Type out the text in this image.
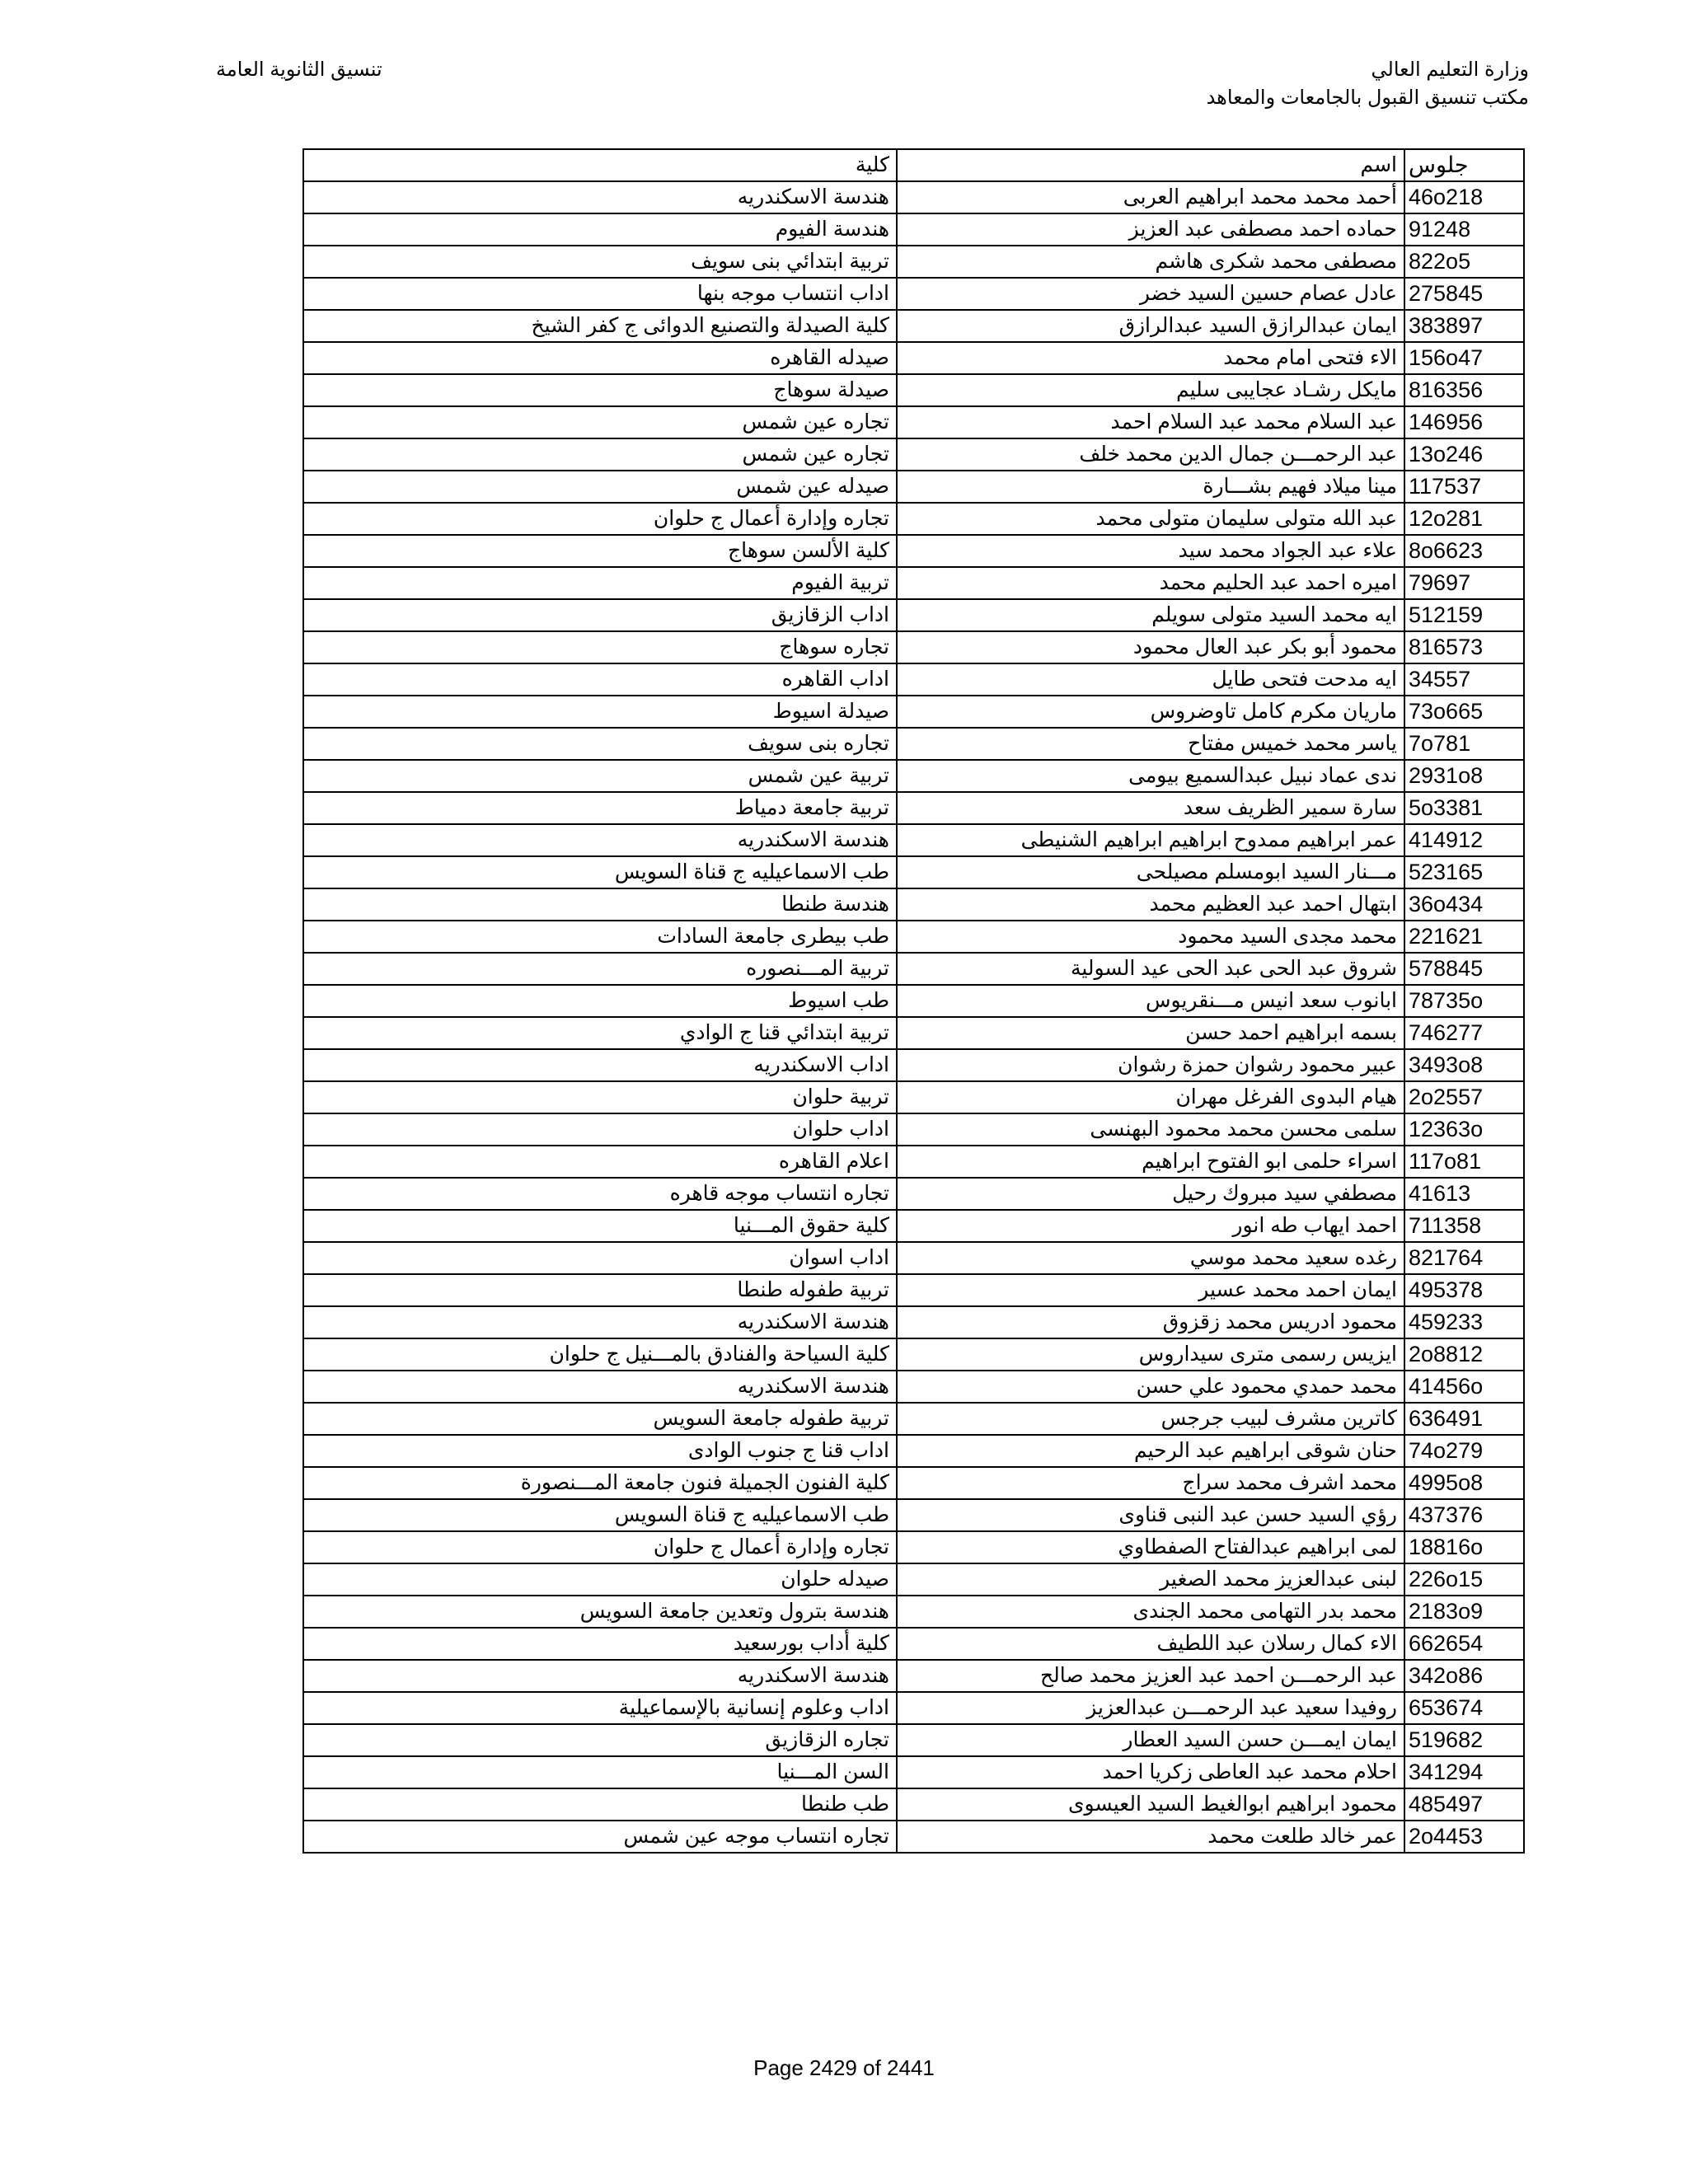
وزارة التعليم العالي
مكتب تنسيق القبول بالجامعات والمعاهد
تنسيق الثانوية العامة
كلية	اسم	جلوس
هندسة الاسكندريه	أحمد محمد محمد ابراهيم العربى	46o218
هندسة الفيوم	حماده احمد مصطفى عبد العزيز	91248
تربية ابتدائي بنى سويف	مصطفى محمد شكرى هاشم	822o5
اداب انتساب موجه بنها	عادل عصام حسين السيد خضر	275845
كلية الصيدلة والتصنيع الدوائى ج كفر الشيخ	ايمان عبدالرازق السيد عبدالرازق	383897
صيدله القاهره	الاء فتحى امام محمد	156o47
صيدلة سوهاج	مايكل رشـاد عجايبى سليم	816356
تجاره عين شمس	عبد السلام محمد عبد السلام احمد	146956
تجاره عين شمس	عبد الرحمـــن جمال الدين محمد خلف	13o246
صيدله عين شمس	مينا ميلاد فهيم بشـــارة	117537
تجاره وإدارة أعمال ج حلوان	عبد الله متولى سليمان متولى محمد	12o281
كلية الألسن سوهاج	علاء عبد الجواد محمد سيد	8o6623
تربية الفيوم	اميره احمد عبد الحليم محمد	79697
اداب الزقازيق	ايه محمد السيد متولى سويلم	512159
تجاره سوهاج	محمود أبو بكر عبد العال محمود	816573
اداب القاهره	ايه مدحت فتحى طايل	34557
صيدلة اسيوط	ماريان مكرم كامل تاوضروس	73o665
تجاره بنى سويف	ياسر محمد خميس مفتاح	7o781
تربية عين شمس	ندى عماد نبيل عبدالسميع بيومى	2931o8
تربية جامعة دمياط	سارة سمير الظريف سعد	5o3381
هندسة الاسكندريه	عمر ابراهيم ممدوح ابراهيم ابراهيم الشنيطى	414912
طب الاسماعيليه ج قناة السويس	مـــنار السيد ابومسلم مصيلحى	523165
هندسة طنطا	ابتهال احمد عبد العظيم محمد	36o434
طب بيطرى جامعة السادات	محمد مجدى السيد محمود	221621
تربية المـــنصوره	شروق عبد الحى عبد الحى عيد السولية	578845
طب اسيوط	ابانوب سعد انيس مـــنقريوس	78735o
تربية ابتدائي قنا ج الوادي	بسمه ابراهيم احمد حسن	746277
اداب الاسكندريه	عبير محمود رشوان حمزة رشوان	3493o8
تربية حلوان	هيام البدوى الفرغل مهران	2o2557
اداب حلوان	سلمى محسن محمد محمود البهنسى	12363o
اعلام القاهره	اسراء حلمى ابو الفتوح ابراهيم	117o81
تجاره انتساب موجه قاهره	مصطفي سيد مبروك رحيل	41613
كلية حقوق المـــنيا	احمد ايهاب طه انور	711358
اداب اسوان	رغده سعيد محمد موسي	821764
تربية طفوله طنطا	ايمان احمد محمد عسير	495378
هندسة الاسكندريه	محمود ادريس محمد زقزوق	459233
كلية السياحة والفنادق بالمـــنيل ج حلوان	ايزيس رسمى مترى سيداروس	2o8812
هندسة الاسكندريه	محمد حمدي محمود علي حسن	41456o
تربية طفوله جامعة السويس	كاترين مشرف لبيب جرجس	636491
اداب قنا ج جنوب الوادى	حنان شوقى ابراهيم عبد الرحيم	74o279
كلية الفنون الجميلة فنون جامعة المـــنصورة	محمد اشرف محمد سراج	4995o8
طب الاسماعيليه ج قناة السويس	رؤي السيد حسن عبد النبى قناوى	437376
تجاره وإدارة أعمال ج حلوان	لمى ابراهيم عبدالفتاح الصفطاوي	18816o
صيدله حلوان	لبنى عبدالعزيز محمد الصغير	226o15
هندسة بترول وتعدين جامعة السويس	محمد بدر التهامى محمد الجندى	2183o9
كلية أداب بورسعيد	الاء كمال رسلان عبد اللطيف	662654
هندسة الاسكندريه	عبد الرحمـــن احمد عبد العزيز محمد صالح	342o86
اداب وعلوم إنسانية بالإسماعيلية	روفيدا سعيد عبد الرحمـــن عبدالعزيز	653674
تجاره الزقازيق	ايمان ايمـــن حسن السيد العطار	519682
السن المـــنيا	احلام محمد عبد العاطى زكريا احمد	341294
طب طنطا	محمود ابراهيم ابوالغيط السيد العيسوى	485497
تجاره انتساب موجه عين شمس	عمر خالد طلعت محمد	2o4453
Page 2429 of 2441
